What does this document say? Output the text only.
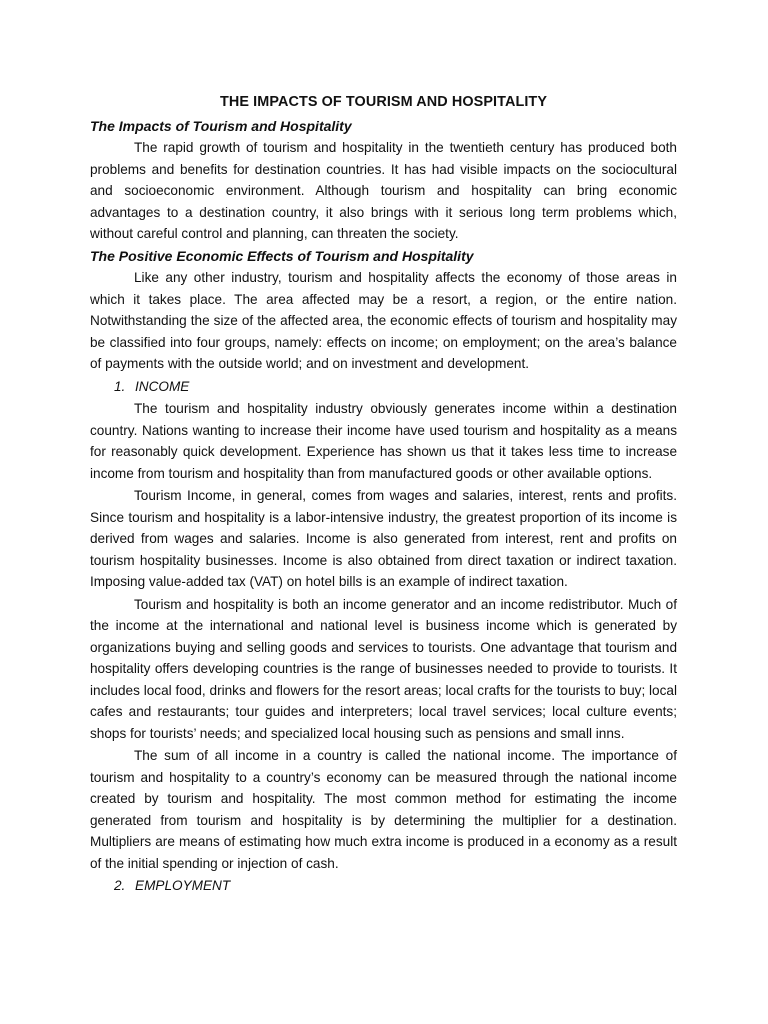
THE IMPACTS OF TOURISM AND HOSPITALITY

The Impacts of Tourism and Hospitality

The rapid growth of tourism and hospitality in the twentieth century has produced both problems and benefits for destination countries. It has had visible impacts on the sociocultural and socioeconomic environment. Although tourism and hospitality can bring economic advantages to a destination country, it also brings with it serious long term problems which, without careful control and planning, can threaten the society.

The Positive Economic Effects of Tourism and Hospitality

Like any other industry, tourism and hospitality affects the economy of those areas in which it takes place. The area affected may be a resort, a region, or the entire nation. Notwithstanding the size of the affected area, the economic effects of tourism and hospitality may be classified into four groups, namely: effects on income; on employment; on the area’s balance of payments with the outside world; and on investment and development.

1. INCOME

The tourism and hospitality industry obviously generates income within a destination country. Nations wanting to increase their income have used tourism and hospitality as a means for reasonably quick development. Experience has shown us that it takes less time to increase income from tourism and hospitality than from manufactured goods or other available options.

Tourism Income, in general, comes from wages and salaries, interest, rents and profits. Since tourism and hospitality is a labor-intensive industry, the greatest proportion of its income is derived from wages and salaries. Income is also generated from interest, rent and profits on tourism hospitality businesses. Income is also obtained from direct taxation or indirect taxation. Imposing value-added tax (VAT) on hotel bills is an example of indirect taxation.

Tourism and hospitality is both an income generator and an income redistributor. Much of the income at the international and national level is business income which is generated by organizations buying and selling goods and services to tourists. One advantage that tourism and hospitality offers developing countries is the range of businesses needed to provide to tourists. It includes local food, drinks and flowers for the resort areas; local crafts for the tourists to buy; local cafes and restaurants; tour guides and interpreters; local travel services; local culture events; shops for tourists’ needs; and specialized local housing such as pensions and small inns.

The sum of all income in a country is called the national income. The importance of tourism and hospitality to a country’s economy can be measured through the national income created by tourism and hospitality. The most common method for estimating the income generated from tourism and hospitality is by determining the multiplier for a destination. Multipliers are means of estimating how much extra income is produced in a economy as a result of the initial spending or injection of cash.

2. EMPLOYMENT
